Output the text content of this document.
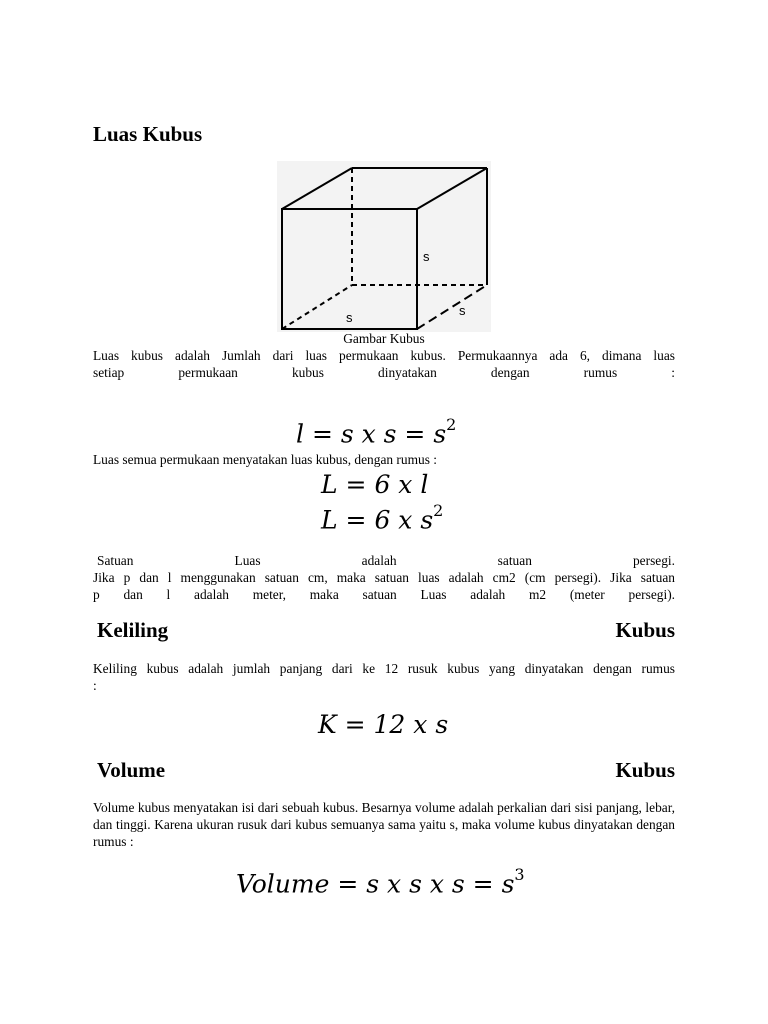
Luas Kubus
s
s
s
Gambar Kubus
Luas kubus adalah Jumlah dari luas permukaan kubus. Permukaannya ada 6, dimana luas
setiap permukaan kubus dinyatakan dengan rumus :
l = s x $s = s^2$
Luas semua permukaan menyatakan luas kubus, dengan rumus :
L = 6 x l
L = 6 x $s^2$
Satuan Luas adalah satuan persegi.
Jika p dan l menggunakan satuan cm, maka satuan luas adalah cm2 (cm persegi). Jika satuan
p dan l adalah meter, maka satuan Luas adalah m2 (meter persegi).
Keliling	Kubus
Keliling kubus adalah jumlah panjang dari ke 12 rusuk kubus yang dinyatakan dengan rumus
:
K = 12 x s
Volume	Kubus
Volume kubus menyatakan isi dari sebuah kubus. Besarnya volume adalah perkalian dari sisi panjang, lebar, dan tinggi. Karena ukuran rusuk dari kubus semuanya sama yaitu s, maka volume kubus dinyatakan dengan rumus :
Volume = s x s x $s = s^3$
